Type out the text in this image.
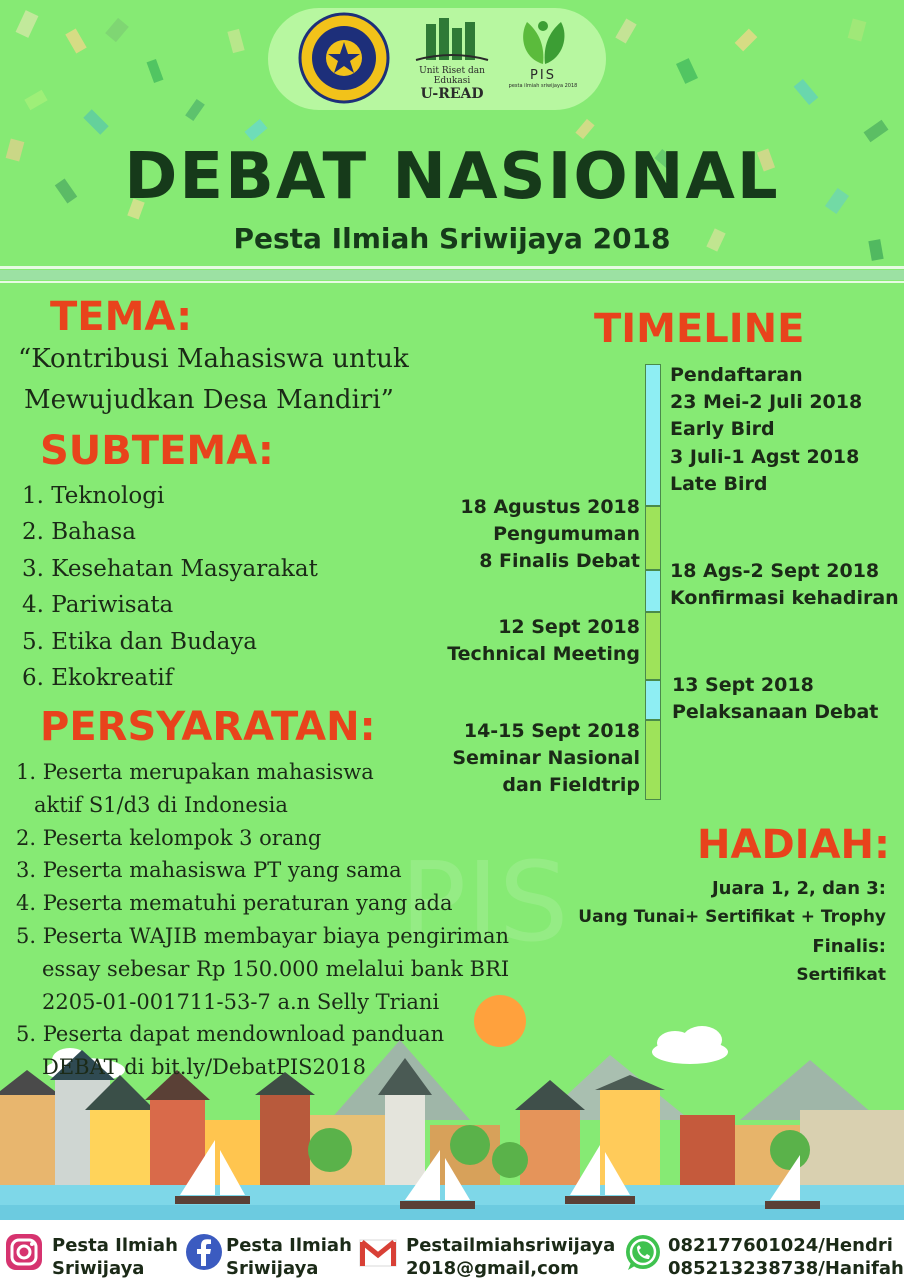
PIS
Unit Riset dan Edukasi
U-READ
PIS
pesta ilmiah sriwijaya 2018
DEBAT NASIONAL
Pesta Ilmiah Sriwijaya 2018
TEMA:
“Kontribusi Mahasiswa untuk
Mewujudkan Desa Mandiri”
SUBTEMA:
1. Teknologi
2. Bahasa
3. Kesehatan Masyarakat
4. Pariwisata
5. Etika dan Budaya
6. Ekokreatif
PERSYARATAN:
1. Peserta merupakan mahasiswa
aktif S1/d3 di Indonesia
2. Peserta kelompok 3 orang
3. Peserta mahasiswa PT yang sama
4. Peserta mematuhi peraturan yang ada
5. Peserta WAJIB membayar biaya pengiriman
essay sebesar Rp 150.000 melalui bank BRI
2205-01-001711-53-7 a.n Selly Triani
5. Peserta dapat mendownload panduan
DEBAT di bit.ly/DebatPIS2018
TIMELINE
Pendaftaran
23 Mei-2 Juli 2018
Early Bird
3 Juli-1 Agst 2018
Late Bird
18 Agustus 2018
Pengumuman
8 Finalis Debat 18 Ags-2 Sept 2018
Konfirmasi kehadiran
12 Sept 2018
Technical Meeting
13 Sept 2018
Pelaksanaan Debat
14-15 Sept 2018
Seminar Nasional
dan Fieldtrip
HADIAH:
Juara 1, 2, dan 3:
Uang Tunai+ Sertifikat + Trophy
Finalis:
Sertifikat
Pesta Ilmiah
Sriwijaya
Pesta Ilmiah
Sriwijaya
Pestailmiahsriwijaya
2018@gmail,com
082177601024/Hendri
085213238738/Hanifah
